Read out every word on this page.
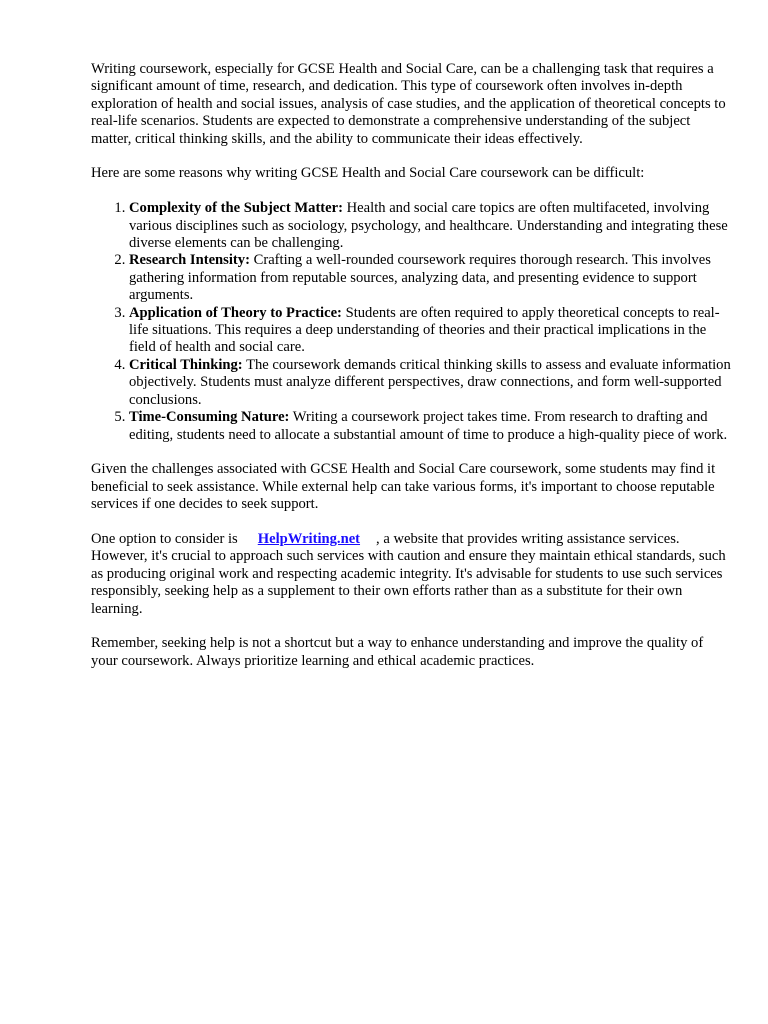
Writing coursework, especially for GCSE Health and Social Care, can be a challenging task that requires a significant amount of time, research, and dedication. This type of coursework often involves in-depth exploration of health and social issues, analysis of case studies, and the application of theoretical concepts to real-life scenarios. Students are expected to demonstrate a comprehensive understanding of the subject matter, critical thinking skills, and the ability to communicate their ideas effectively.

Here are some reasons why writing GCSE Health and Social Care coursework can be difficult:

1. Complexity of the Subject Matter: Health and social care topics are often multifaceted, involving various disciplines such as sociology, psychology, and healthcare. Understanding and integrating these diverse elements can be challenging.
2. Research Intensity: Crafting a well-rounded coursework requires thorough research. This involves gathering information from reputable sources, analyzing data, and presenting evidence to support arguments.
3. Application of Theory to Practice: Students are often required to apply theoretical concepts to real-life situations. This requires a deep understanding of theories and their practical implications in the field of health and social care.
4. Critical Thinking: The coursework demands critical thinking skills to assess and evaluate information objectively. Students must analyze different perspectives, draw connections, and form well-supported conclusions.
5. Time-Consuming Nature: Writing a coursework project takes time. From research to drafting and editing, students need to allocate a substantial amount of time to produce a high-quality piece of work.

Given the challenges associated with GCSE Health and Social Care coursework, some students may find it beneficial to seek assistance. While external help can take various forms, it's important to choose reputable services if one decides to seek support.

One option to consider is HelpWriting.net , a website that provides writing assistance services. However, it's crucial to approach such services with caution and ensure they maintain ethical standards, such as producing original work and respecting academic integrity. It's advisable for students to use such services responsibly, seeking help as a supplement to their own efforts rather than as a substitute for their own learning.

Remember, seeking help is not a shortcut but a way to enhance understanding and improve the quality of your coursework. Always prioritize learning and ethical academic practices.
